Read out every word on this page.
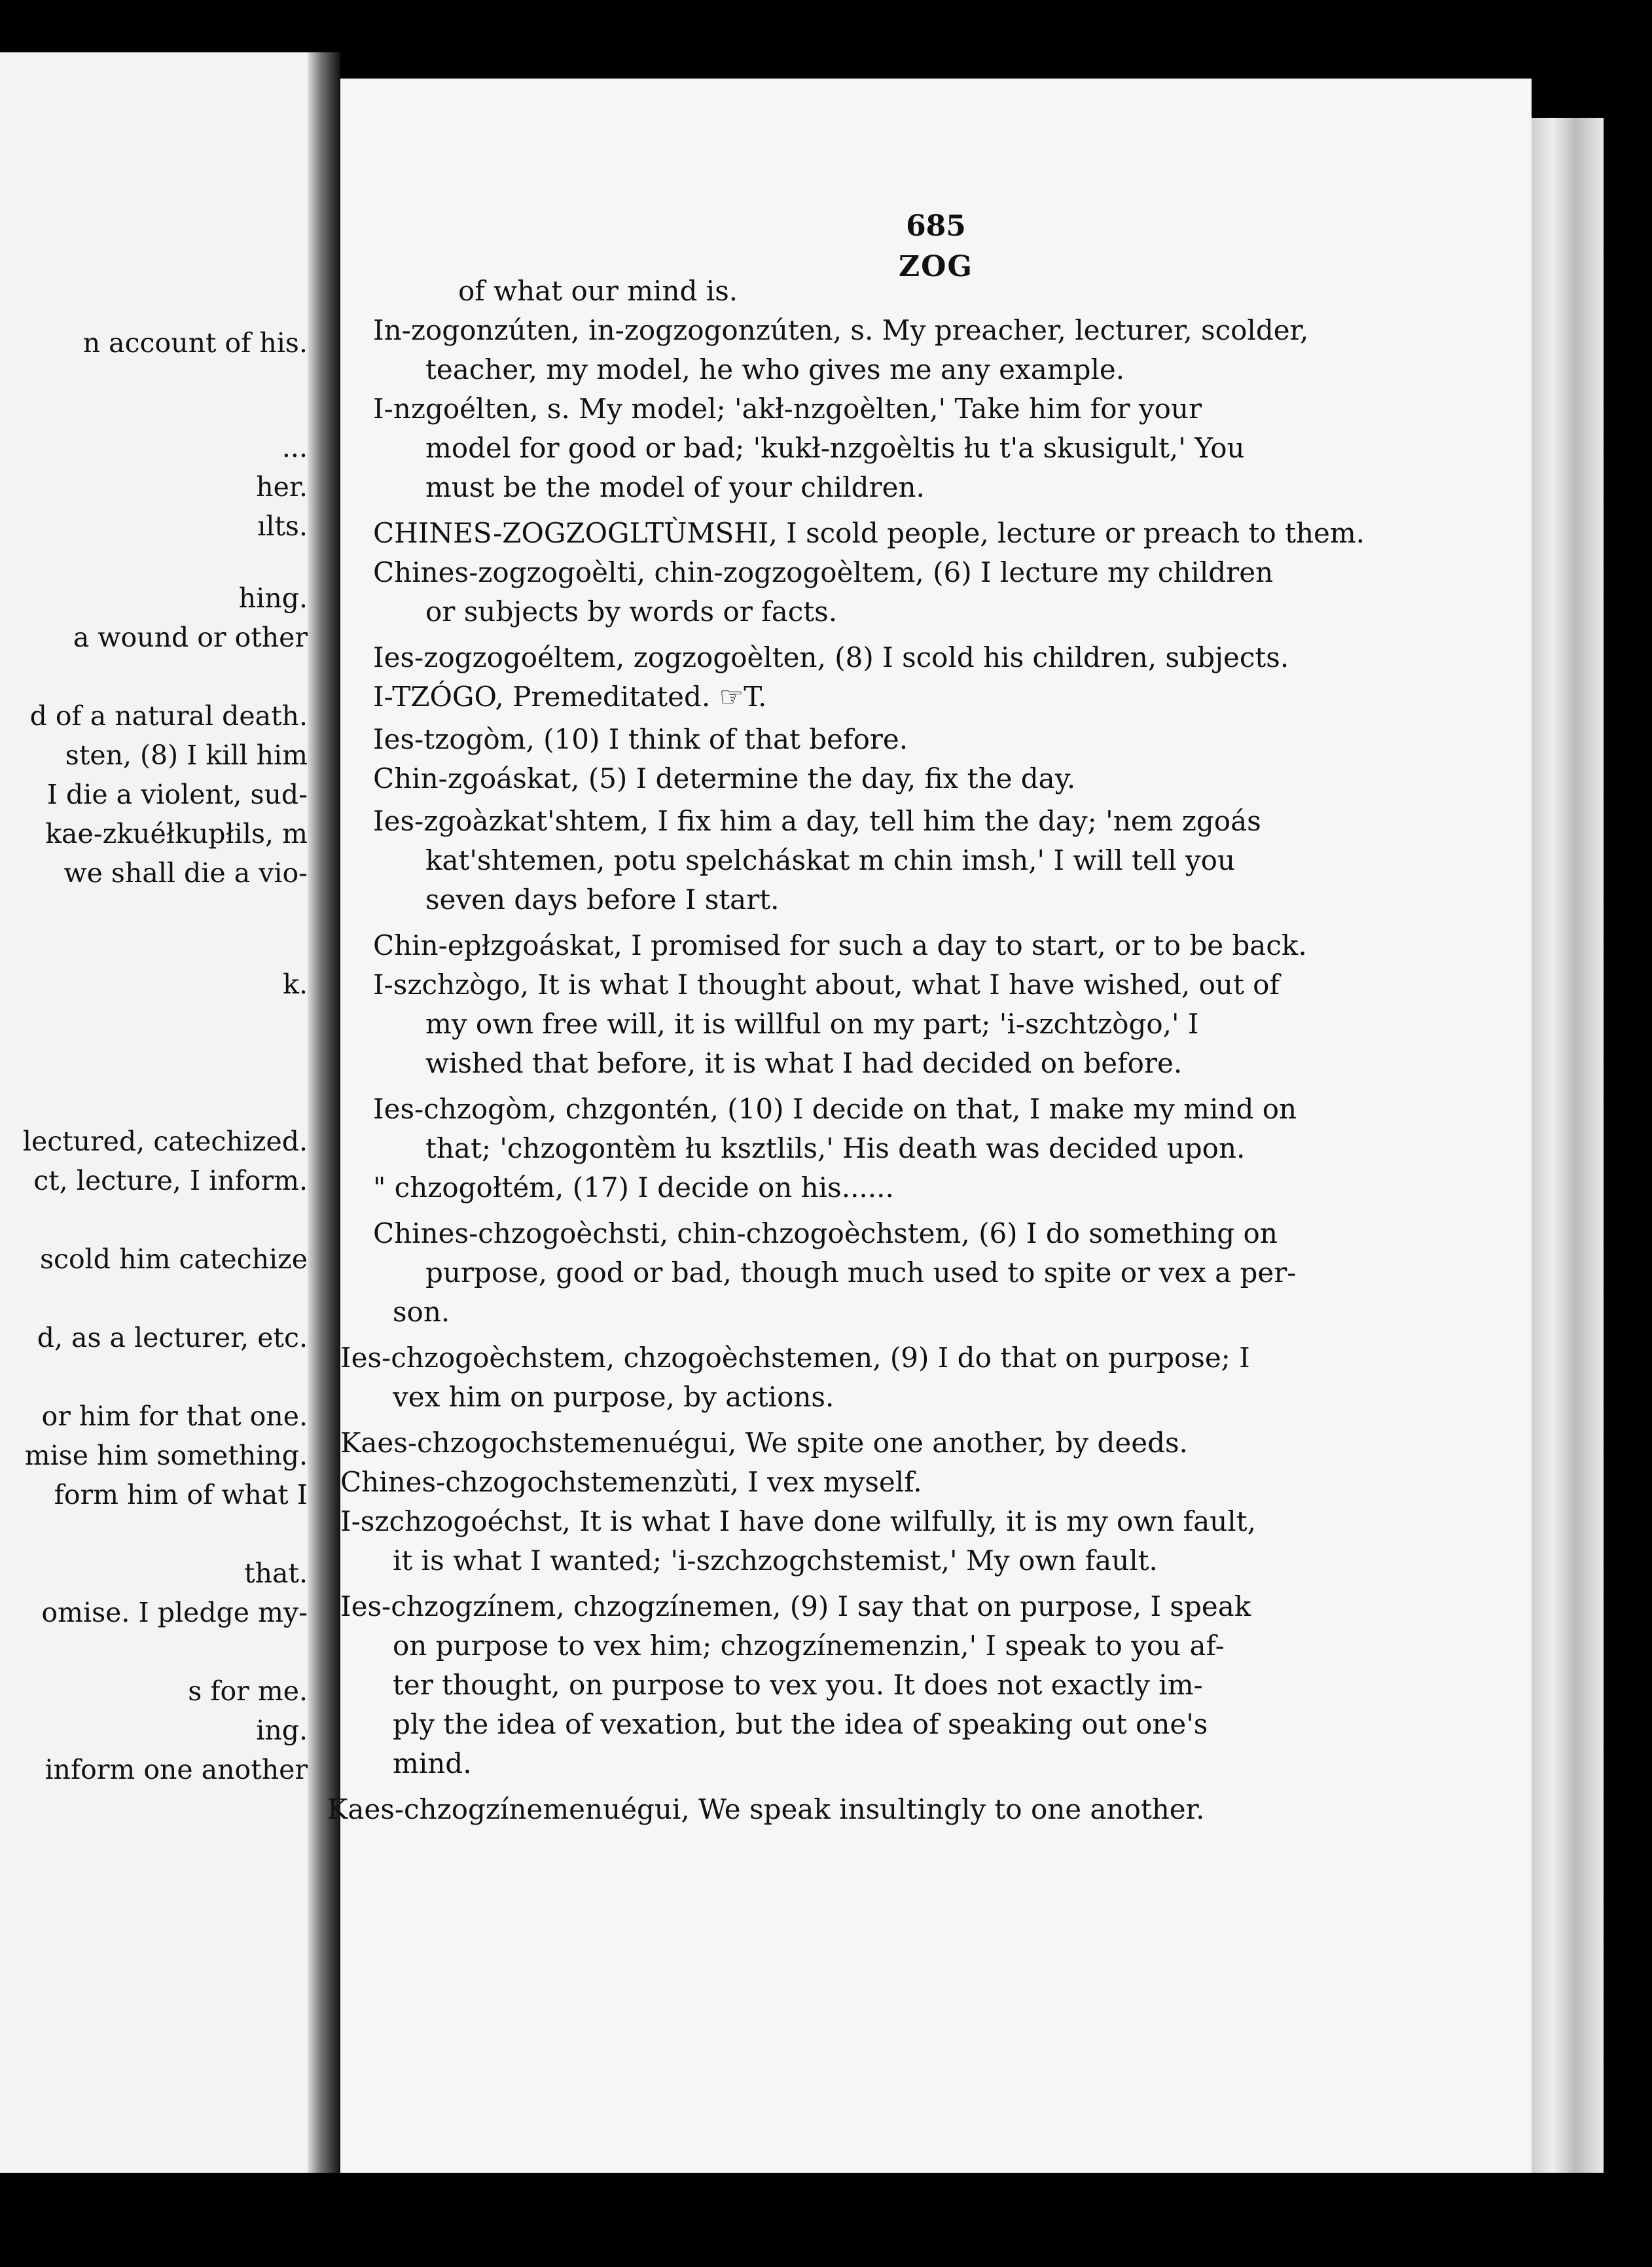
n account of his.
...
her.
ılts.
hing.
a wound or other
d of a natural death.
sten, (8) I kill him
I die a violent, sud-
kae-zkuéłkupłils, m
we shall die a vio-
k.
lectured, catechized.
ct, lecture, I inform.
scold him catechize
d, as a lecturer, etc.
or him for that one.
mise him something.
form him of what I
that.
omise. I pledge my-
s for me.
ing.
inform one another
685
ZOG
of what our mind is.
In-zogonzúten, in-zogzogonzúten, s. My preacher, lecturer, scolder,
teacher, my model, he who gives me any example.
I-nzgoélten, s. My model; 'akł-nzgoèlten,' Take him for your
model for good or bad; 'kukł-nzgoèltis łu t'a skusigult,' You
must be the model of your children.
CHINES-ZOGZOGLTÙMSHI, I scold people, lecture or preach to them.
Chines-zogzogoèlti, chin-zogzogoèltem, (6) I lecture my children
or subjects by words or facts.
Ies-zogzogoéltem, zogzogoèlten, (8) I scold his children, subjects.
I-TZÓGO, Premeditated. ☞T.
Ies-tzogòm, (10) I think of that before.
Chin-zgoáskat, (5) I determine the day, fix the day.
Ies-zgoàzkat'shtem, I fix him a day, tell him the day; 'nem zgoás
kat'shtemen, potu spelcháskat m chin imsh,' I will tell you
seven days before I start.
Chin-epłzgoáskat, I promised for such a day to start, or to be back.
I-szchzògo, It is what I thought about, what I have wished, out of
my own free will, it is willful on my part; 'i-szchtzògo,' I
wished that before, it is what I had decided on before.
Ies-chzogòm, chzgontén, (10) I decide on that, I make my mind on
that; 'chzogontèm łu ksztlils,' His death was decided upon.
" chzogołtém, (17) I decide on his......
Chines-chzogoèchsti, chin-chzogoèchstem, (6) I do something on
purpose, good or bad, though much used to spite or vex a per-
son.
Ies-chzogoèchstem, chzogoèchstemen, (9) I do that on purpose; I
vex him on purpose, by actions.
Kaes-chzogochstemenuégui, We spite one another, by deeds.
Chines-chzogochstemenzùti, I vex myself.
I-szchzogoéchst, It is what I have done wilfully, it is my own fault,
it is what I wanted; 'i-szchzogchstemist,' My own fault.
Ies-chzogzínem, chzogzínemen, (9) I say that on purpose, I speak
on purpose to vex him; chzogzínemenzin,' I speak to you af-
ter thought, on purpose to vex you. It does not exactly im-
ply the idea of vexation, but the idea of speaking out one's
mind.
Kaes-chzogzínemenuégui, We speak insultingly to one another.
